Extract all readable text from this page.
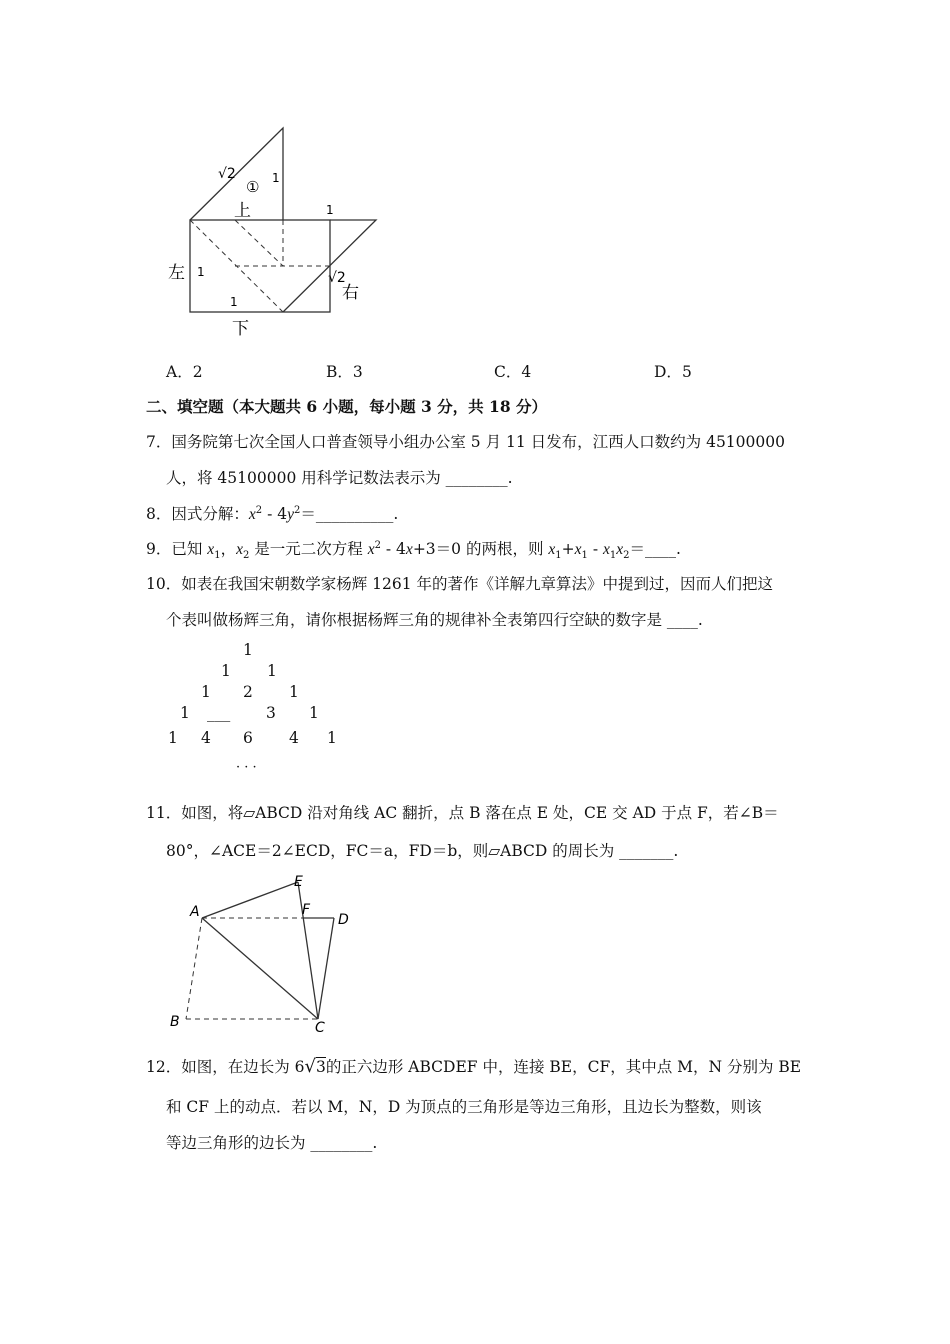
√2
① 1
上	1
左 1
1
下
√2
右
A．2	B．3	C．4	D．5
二、填空题（本大题共 6 小题，每小题 3 分，共 18 分）
7．国务院第七次全国人口普查领导小组办公室 5 月 11 日发布，江西人口数约为 45100000
人，将 45100000 用科学记数法表示为 ________.
8．因式分解：$x^2$ - $4y^2=\_\_\_\_\_\_\_\_\_\_$.
9．已知 $x_1$，$x_2$ 是一元二次方程 $x^2 - 4x+3=0$ 的两根，则 $x_1+x_1$ - $x_1x_2=\_\_\_\_$.
10．如表在我国宋朝数学家杨辉 1261 年的著作《详解九章算法》中提到过，因而人们把这
个表叫做杨辉三角，请你根据杨辉三角的规律补全表第四行空缺的数字是 ____.
1
1 1
1 2 1
1 ___ 3 1
1 4 6 4 1
· · ·
11．如图，将▱ABCD 沿对角线 AC 翻折，点 B 落在点 E 处，CE 交 AD 于点 F，若∠B＝
80°，∠ACE＝2∠ECD，FC＝a，FD＝b，则▱ABCD 的周长为 _______.
A
E
F
D
B	C
12．如图，在边长为 6√3的正六边形 ABCDEF 中，连接 BE，CF，其中点 M，N 分别为 BE
和 CF 上的动点．若以 M，N，D 为顶点的三角形是等边三角形，且边长为整数，则该
等边三角形的边长为 ________.
